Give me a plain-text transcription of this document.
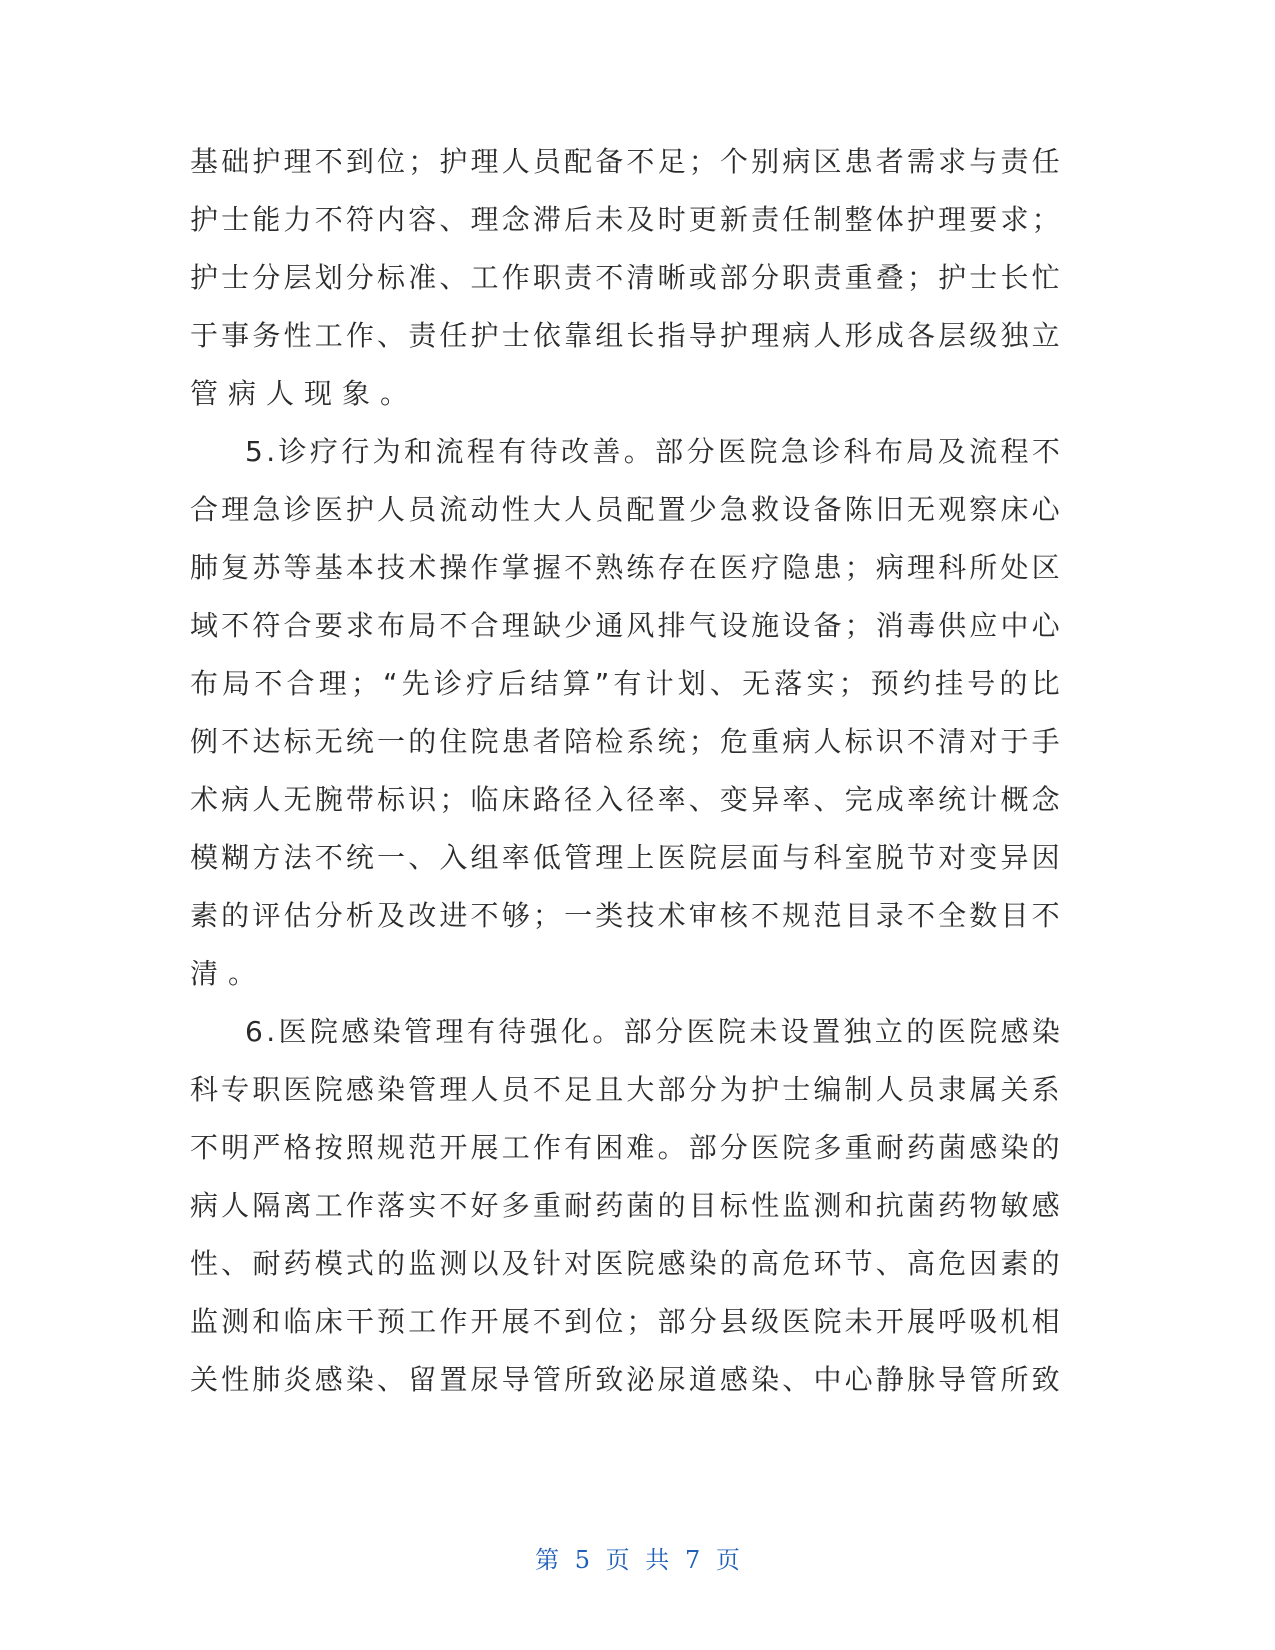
基 础 护 理 不 到 位 ； 护 理 人 员 配 备 不 足 ； 个 别 病 区 患 者 需 求 与 责 任
护 士 能 力 不 符 内 容 、 理 念 滞 后 未 及 时 更 新 责 任 制 整 体 护 理 要 求 ；
护 士 分 层 划 分 标 准 、 工 作 职 责 不 清 晰 或 部 分 职 责 重 叠 ； 护 士 长 忙
于 事 务 性 工 作 、 责 任 护 士 依 靠 组 长 指 导 护 理 病 人 形 成 各 层 级 独 立
管病人现象。
5 . 诊 疗 行 为 和 流 程 有 待 改 善 。 部 分 医 院 急 诊 科 布 局 及 流 程 不
合 理 急 诊 医 护 人 员 流 动 性 大 人 员 配 置 少 急 救 设 备 陈 旧 无 观 察 床 心
肺 复 苏 等 基 本 技 术 操 作 掌 握 不 熟 练 存 在 医 疗 隐 患 ； 病 理 科 所 处 区
域 不 符 合 要 求 布 局 不 合 理 缺 少 通 风 排 气 设 施 设 备 ； 消 毒 供 应 中 心
布 局 不 合 理 ； “ 先 诊 疗 后 结 算 ” 有 计 划 、 无 落 实 ； 预 约 挂 号 的 比
例 不 达 标 无 统 一 的 住 院 患 者 陪 检 系 统 ； 危 重 病 人 标 识 不 清 对 于 手
术 病 人 无 腕 带 标 识 ； 临 床 路 径 入 径 率 、 变 异 率 、 完 成 率 统 计 概 念
模 糊 方 法 不 统 一 、 入 组 率 低 管 理 上 医 院 层 面 与 科 室 脱 节 对 变 异 因
素 的 评 估 分 析 及 改 进 不 够 ； 一 类 技 术 审 核 不 规 范 目 录 不 全 数 目 不
清。
6 . 医 院 感 染 管 理 有 待 强 化 。 部 分 医 院 未 设 置 独 立 的 医 院 感 染
科 专 职 医 院 感 染 管 理 人 员 不 足 且 大 部 分 为 护 士 编 制 人 员 隶 属 关 系
不 明 严 格 按 照 规 范 开 展 工 作 有 困 难 。 部 分 医 院 多 重 耐 药 菌 感 染 的
病 人 隔 离 工 作 落 实 不 好 多 重 耐 药 菌 的 目 标 性 监 测 和 抗 菌 药 物 敏 感
性 、 耐 药 模 式 的 监 测 以 及 针 对 医 院 感 染 的 高 危 环 节 、 高 危 因 素 的
监 测 和 临 床 干 预 工 作 开 展 不 到 位 ； 部 分 县 级 医 院 未 开 展 呼 吸 机 相
关 性 肺 炎 感 染 、 留 置 尿 导 管 所 致 泌 尿 道 感 染 、 中 心 静 脉 导 管 所 致
第 5 页 共 7 页
